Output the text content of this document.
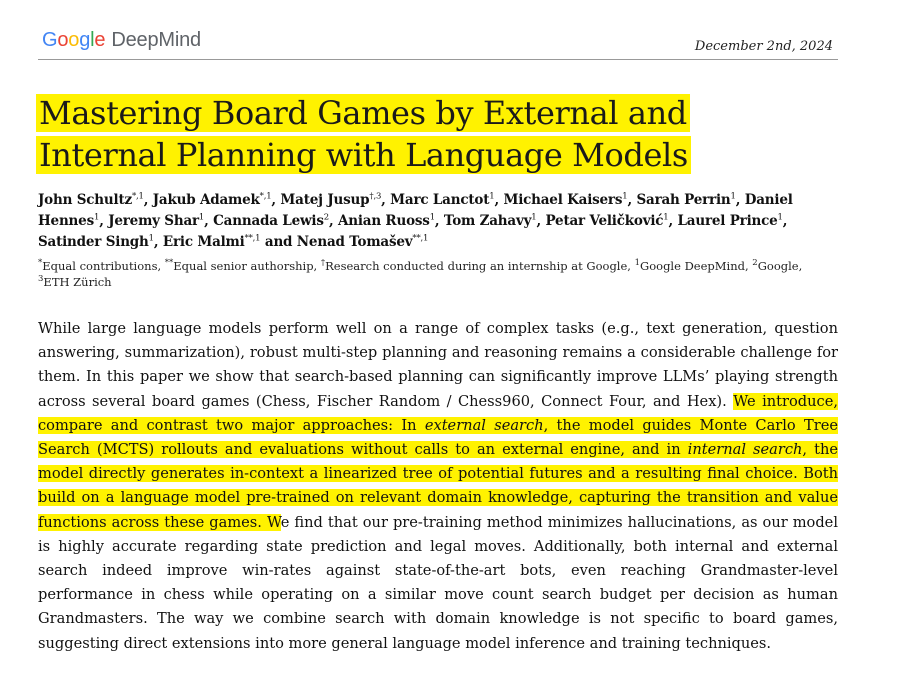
Google DeepMind	December 2nd, 2024
Mastering Board Games by External and
Internal Planning with Language Models
John Schultz$^{*,1}$, Jakub Adamek$^{*,1}$, Matej Jusup$^{\dagger,3}$, Marc Lanctot$^1$, Michael Kaisers$^1$, Sarah Perrin$^1$, Daniel Hennes$^1$, Jeremy Shar$^1$, Cannada Lewis$^2$, Anian Ruoss$^1$, Tom Zahavy$^1$, Petar Veličković$^1$, Laurel Prince$^1$, Satinder Singh$^1$, Eric Malmi$^{**,1}$ and Nenad Tomašev$^{**,1}$
*Equal contributions, **Equal senior authorship, †Research conducted during an internship at Google, $^1$Google DeepMind, $^2$Google,
$^3$ETH Zürich
While large language models perform well on a range of complex tasks (e.g., text generation, question answering, summarization), robust multi-step planning and reasoning remains a considerable challenge for them. In this paper we show that search-based planning can significantly improve LLMs’ playing strength across several board games (Chess, Fischer Random / Chess960, Connect Four, and Hex). We introduce, compare and contrast two major approaches: In external search, the model guides Monte Carlo Tree Search (MCTS) rollouts and evaluations without calls to an external engine, and in internal search, the model directly generates in-context a linearized tree of potential futures and a resulting final choice. Both build on a language model pre-trained on relevant domain knowledge, capturing the transition and value functions across these games. We find that our pre-training method minimizes hallucinations, as our model is highly accurate regarding state prediction and legal moves. Additionally, both internal and external search indeed improve win-rates against state-of-the-art bots, even reaching Grandmaster-level performance in chess while operating on a similar move count search budget per decision as human Grandmasters. The way we combine search with domain knowledge is not specific to board games, suggesting direct extensions into more general language model inference and training techniques.
